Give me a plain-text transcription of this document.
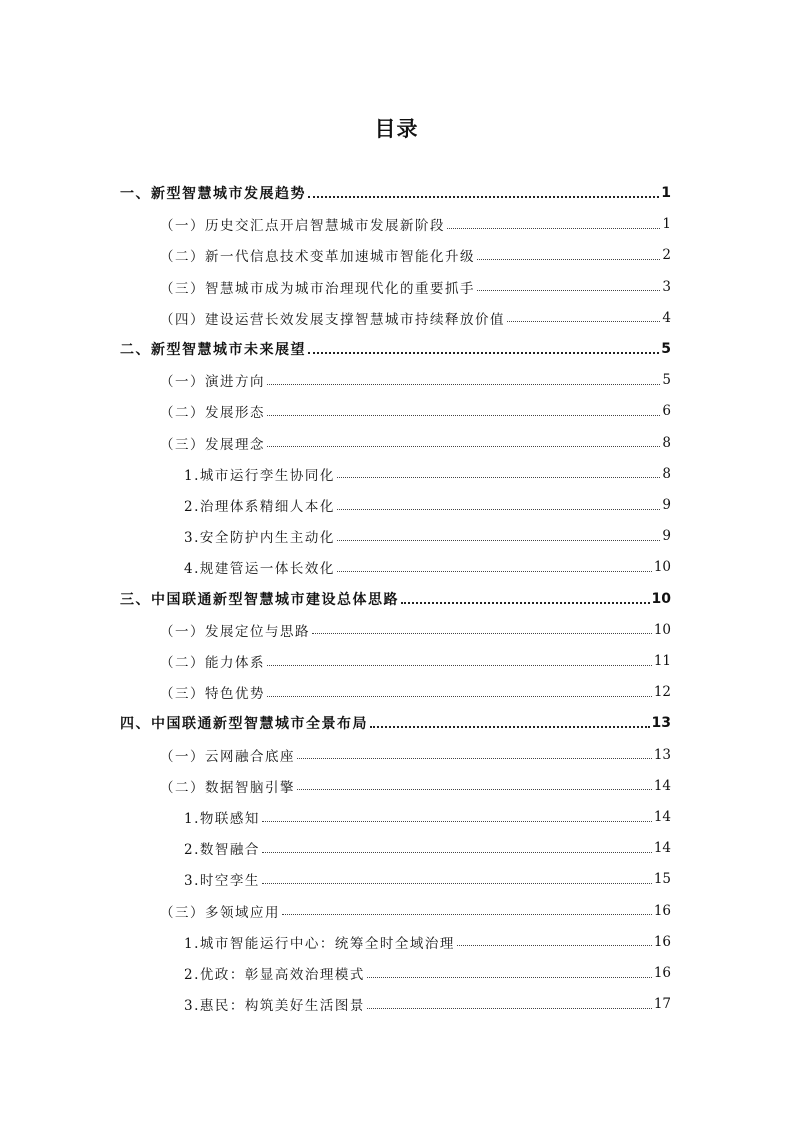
目录
一、新型智慧城市发展趋势	1
（一）历史交汇点开启智慧城市发展新阶段	1
（二）新一代信息技术变革加速城市智能化升级	2
（三）智慧城市成为城市治理现代化的重要抓手	3
（四）建设运营长效发展支撑智慧城市持续释放价值	4
二、新型智慧城市未来展望	5
（一）演进方向	5
（二）发展形态	6
（三）发展理念	8
1.城市运行孪生协同化	8
2.治理体系精细人本化	9
3.安全防护内生主动化	9
4.规建管运一体长效化	10
三、中国联通新型智慧城市建设总体思路	10
（一）发展定位与思路	10
（二）能力体系	11
（三）特色优势	12
四、中国联通新型智慧城市全景布局	13
（一）云网融合底座	13
（二）数据智脑引擎	14
1.物联感知	14
2.数智融合	14
3.时空孪生	15
（三）多领域应用	16
1.城市智能运行中心：统筹全时全域治理	16
2.优政：彰显高效治理模式	16
3.惠民：构筑美好生活图景	17
